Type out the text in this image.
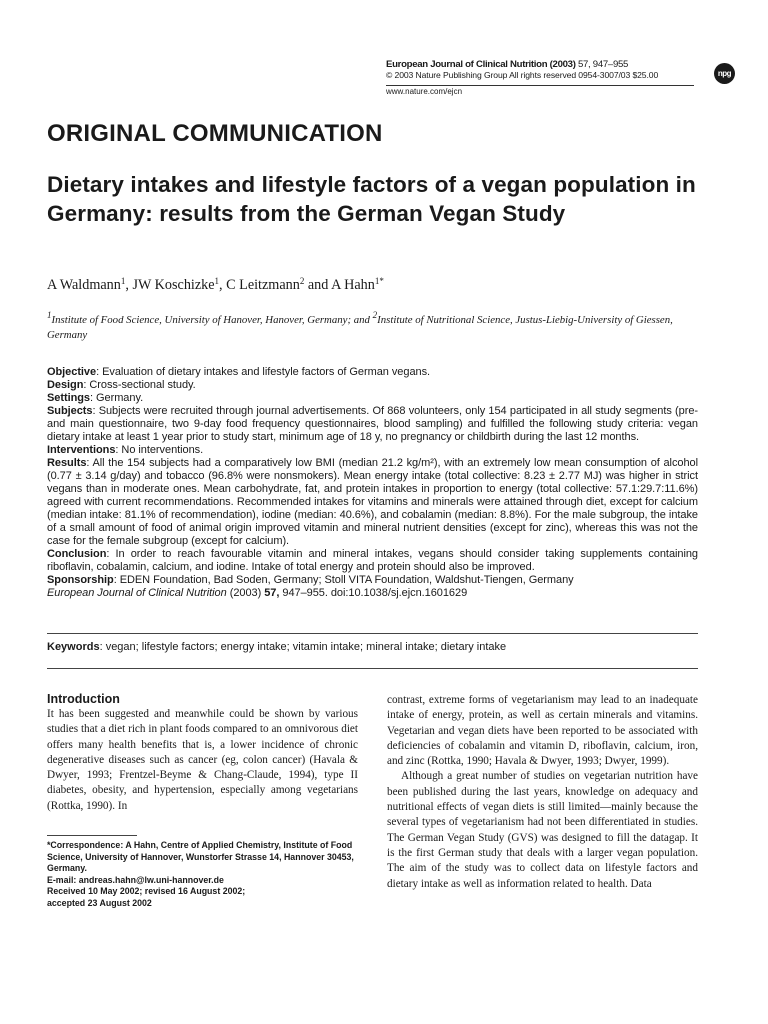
European Journal of Clinical Nutrition (2003) 57, 947–955
© 2003 Nature Publishing Group All rights reserved 0954-3007/03 $25.00	npg
www.nature.com/ejcn
ORIGINAL COMMUNICATION
Dietary intakes and lifestyle factors of a vegan population in Germany: results from the German Vegan Study
A Waldmann$^1$, JW Koschizke$^1$, C Leitzmann$^2$ and A Hahn$^{1*}$
$^1$Institute of Food Science, University of Hanover, Hanover, Germany; and $^2$Institute of Nutritional Science, Justus-Liebig-University of Giessen, Germany

Objective: Evaluation of dietary intakes and lifestyle factors of German vegans.

Design: Cross-sectional study.

Settings: Germany.

Subjects: Subjects were recruited through journal advertisements. Of 868 volunteers, only 154 participated in all study segments (pre- and main questionnaire, two 9-day food frequency questionnaires, blood sampling) and fulfilled the following study criteria: vegan dietary intake at least 1 year prior to study start, minimum age of 18 y, no pregnancy or childbirth during the last 12 months.

Interventions: No interventions.

Results: All the 154 subjects had a comparatively low BMI (median 21.2 kg/m²), with an extremely low mean consumption of alcohol (0.77 ± 3.14 g/day) and tobacco (96.8% were nonsmokers). Mean energy intake (total collective: 8.23 ± 2.77 MJ) was higher in strict vegans than in moderate ones. Mean carbohydrate, fat, and protein intakes in proportion to energy (total collective: 57.1:29.7:11.6%) agreed with current recommendations. Recommended intakes for vitamins and minerals were attained through diet, except for calcium (median intake: 81.1% of recommendation), iodine (median: 40.6%), and cobalamin (median: 8.8%). For the male subgroup, the intake of a small amount of food of animal origin improved vitamin and mineral nutrient densities (except for zinc), whereas this was not the case for the female subgroup (except for calcium).

Conclusion: In order to reach favourable vitamin and mineral intakes, vegans should consider taking supplements containing riboflavin, cobalamin, calcium, and iodine. Intake of total energy and protein should also be improved.

Sponsorship: EDEN Foundation, Bad Soden, Germany; Stoll VITA Foundation, Waldshut-Tiengen, Germany

European Journal of Clinical Nutrition (2003) 57, 947–955. doi:10.1038/sj.ejcn.1601629

Keywords: vegan; lifestyle factors; energy intake; vitamin intake; mineral intake; dietary intake
Introduction

It has been suggested and meanwhile could be shown by various studies that a diet rich in plant foods compared to an omnivorous diet offers many health benefits that is, a lower incidence of chronic degenerative diseases such as cancer (eg, colon cancer) (Havala & Dwyer, 1993; Frentzel-Beyme & Chang-Claude, 1994), type II diabetes, obesity, and hypertension, especially among vegetarians (Rottka, 1990). In

contrast, extreme forms of vegetarianism may lead to an inadequate intake of energy, protein, as well as certain minerals and vitamins. Vegetarian and vegan diets have been reported to be associated with deficiencies of cobalamin and vitamin D, riboflavin, calcium, iron, and zinc (Rottka, 1990; Havala & Dwyer, 1993; Dwyer, 1999).

Although a great number of studies on vegetarian nutrition have been published during the last years, knowledge on adequacy and nutritional effects of vegan diets is still limited—mainly because the several types of vegetarianism had not been differentiated in studies. The German Vegan Study (GVS) was designed to fill the datagap. It is the first German study that deals with a larger vegan population. The aim of the study was to collect data on lifestyle factors and dietary intake as well as information related to health. Data

*Correspondence: A Hahn, Centre of Applied Chemistry, Institute of Food Science, University of Hannover, Wunstorfer Strasse 14, Hannover 30453, Germany.

E-mail: andreas.hahn@lw.uni-hannover.de

Received 10 May 2002; revised 16 August 2002;

accepted 23 August 2002
